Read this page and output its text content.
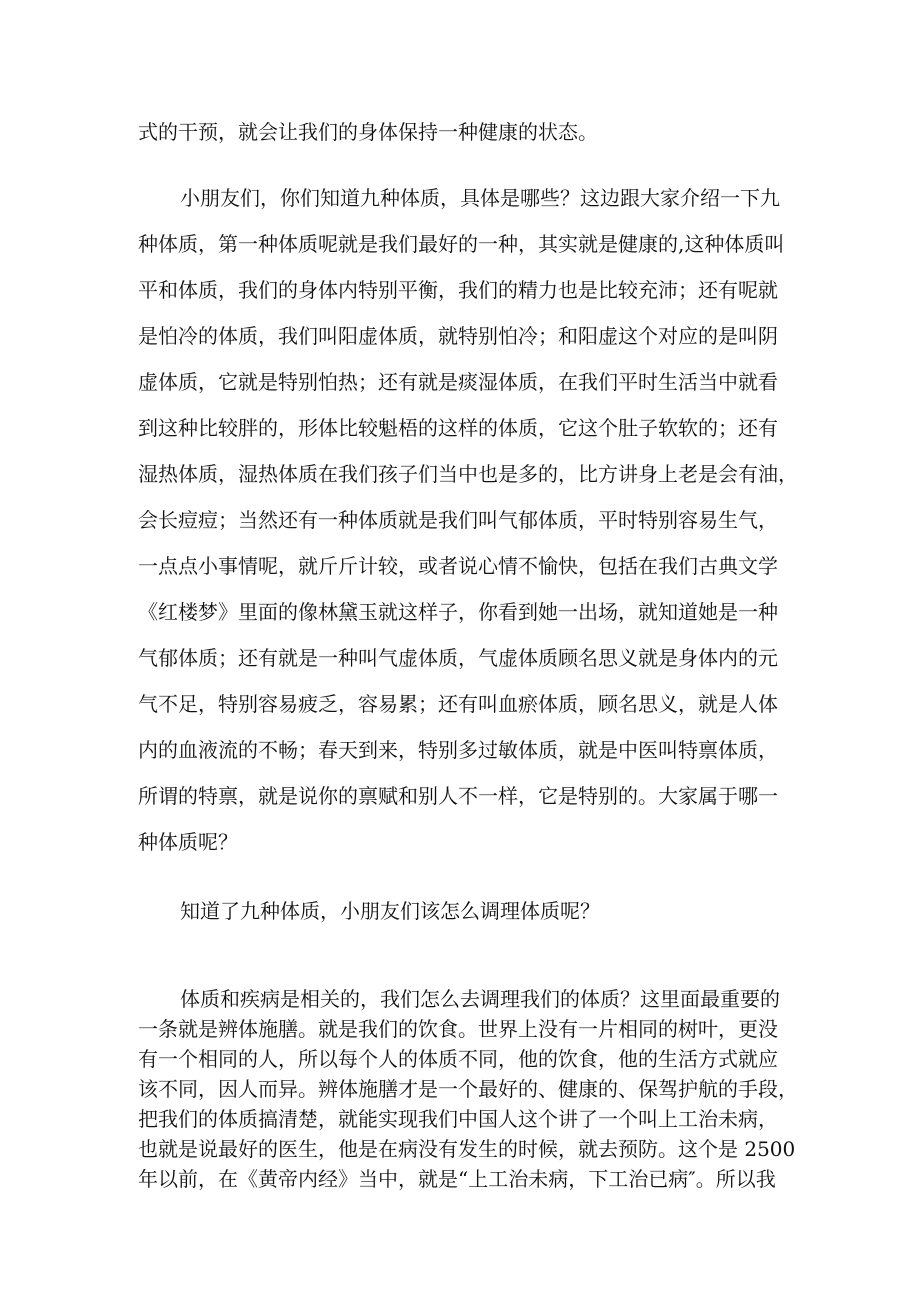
式的干预，就会让我们的身体保持一种健康的状态。
小朋友们，你们知道九种体质，具体是哪些？这边跟大家介绍一下九
种体质，第一种体质呢就是我们最好的一种，其实就是健康的,这种体质叫
平和体质，我们的身体内特别平衡，我们的精力也是比较充沛；还有呢就
是怕冷的体质，我们叫阳虚体质，就特别怕冷；和阳虚这个对应的是叫阴
虚体质，它就是特别怕热；还有就是痰湿体质，在我们平时生活当中就看
到这种比较胖的，形体比较魁梧的这样的体质，它这个肚子软软的；还有
湿热体质，湿热体质在我们孩子们当中也是多的，比方讲身上老是会有油，
会长痘痘；当然还有一种体质就是我们叫气郁体质，平时特别容易生气，
一点点小事情呢，就斤斤计较，或者说心情不愉快，包括在我们古典文学
《红楼梦》里面的像林黛玉就这样子，你看到她一出场，就知道她是一种
气郁体质；还有就是一种叫气虚体质，气虚体质顾名思义就是身体内的元
气不足，特别容易疲乏，容易累；还有叫血瘀体质，顾名思义，就是人体
内的血液流的不畅；春天到来，特别多过敏体质，就是中医叫特禀体质，
所谓的特禀，就是说你的禀赋和别人不一样，它是特别的。大家属于哪一
种体质呢？
知道了九种体质，小朋友们该怎么调理体质呢？
体质和疾病是相关的，我们怎么去调理我们的体质？这里面最重要的
一条就是辨体施膳。就是我们的饮食。世界上没有一片相同的树叶，更没
有一个相同的人，所以每个人的体质不同，他的饮食，他的生活方式就应
该不同，因人而异。辨体施膳才是一个最好的、健康的、保驾护航的手段，
把我们的体质搞清楚，就能实现我们中国人这个讲了一个叫上工治未病，
也就是说最好的医生，他是在病没有发生的时候，就去预防。这个是 2500
年以前，在《黄帝内经》当中，就是“上工治未病，下工治已病″。所以我
